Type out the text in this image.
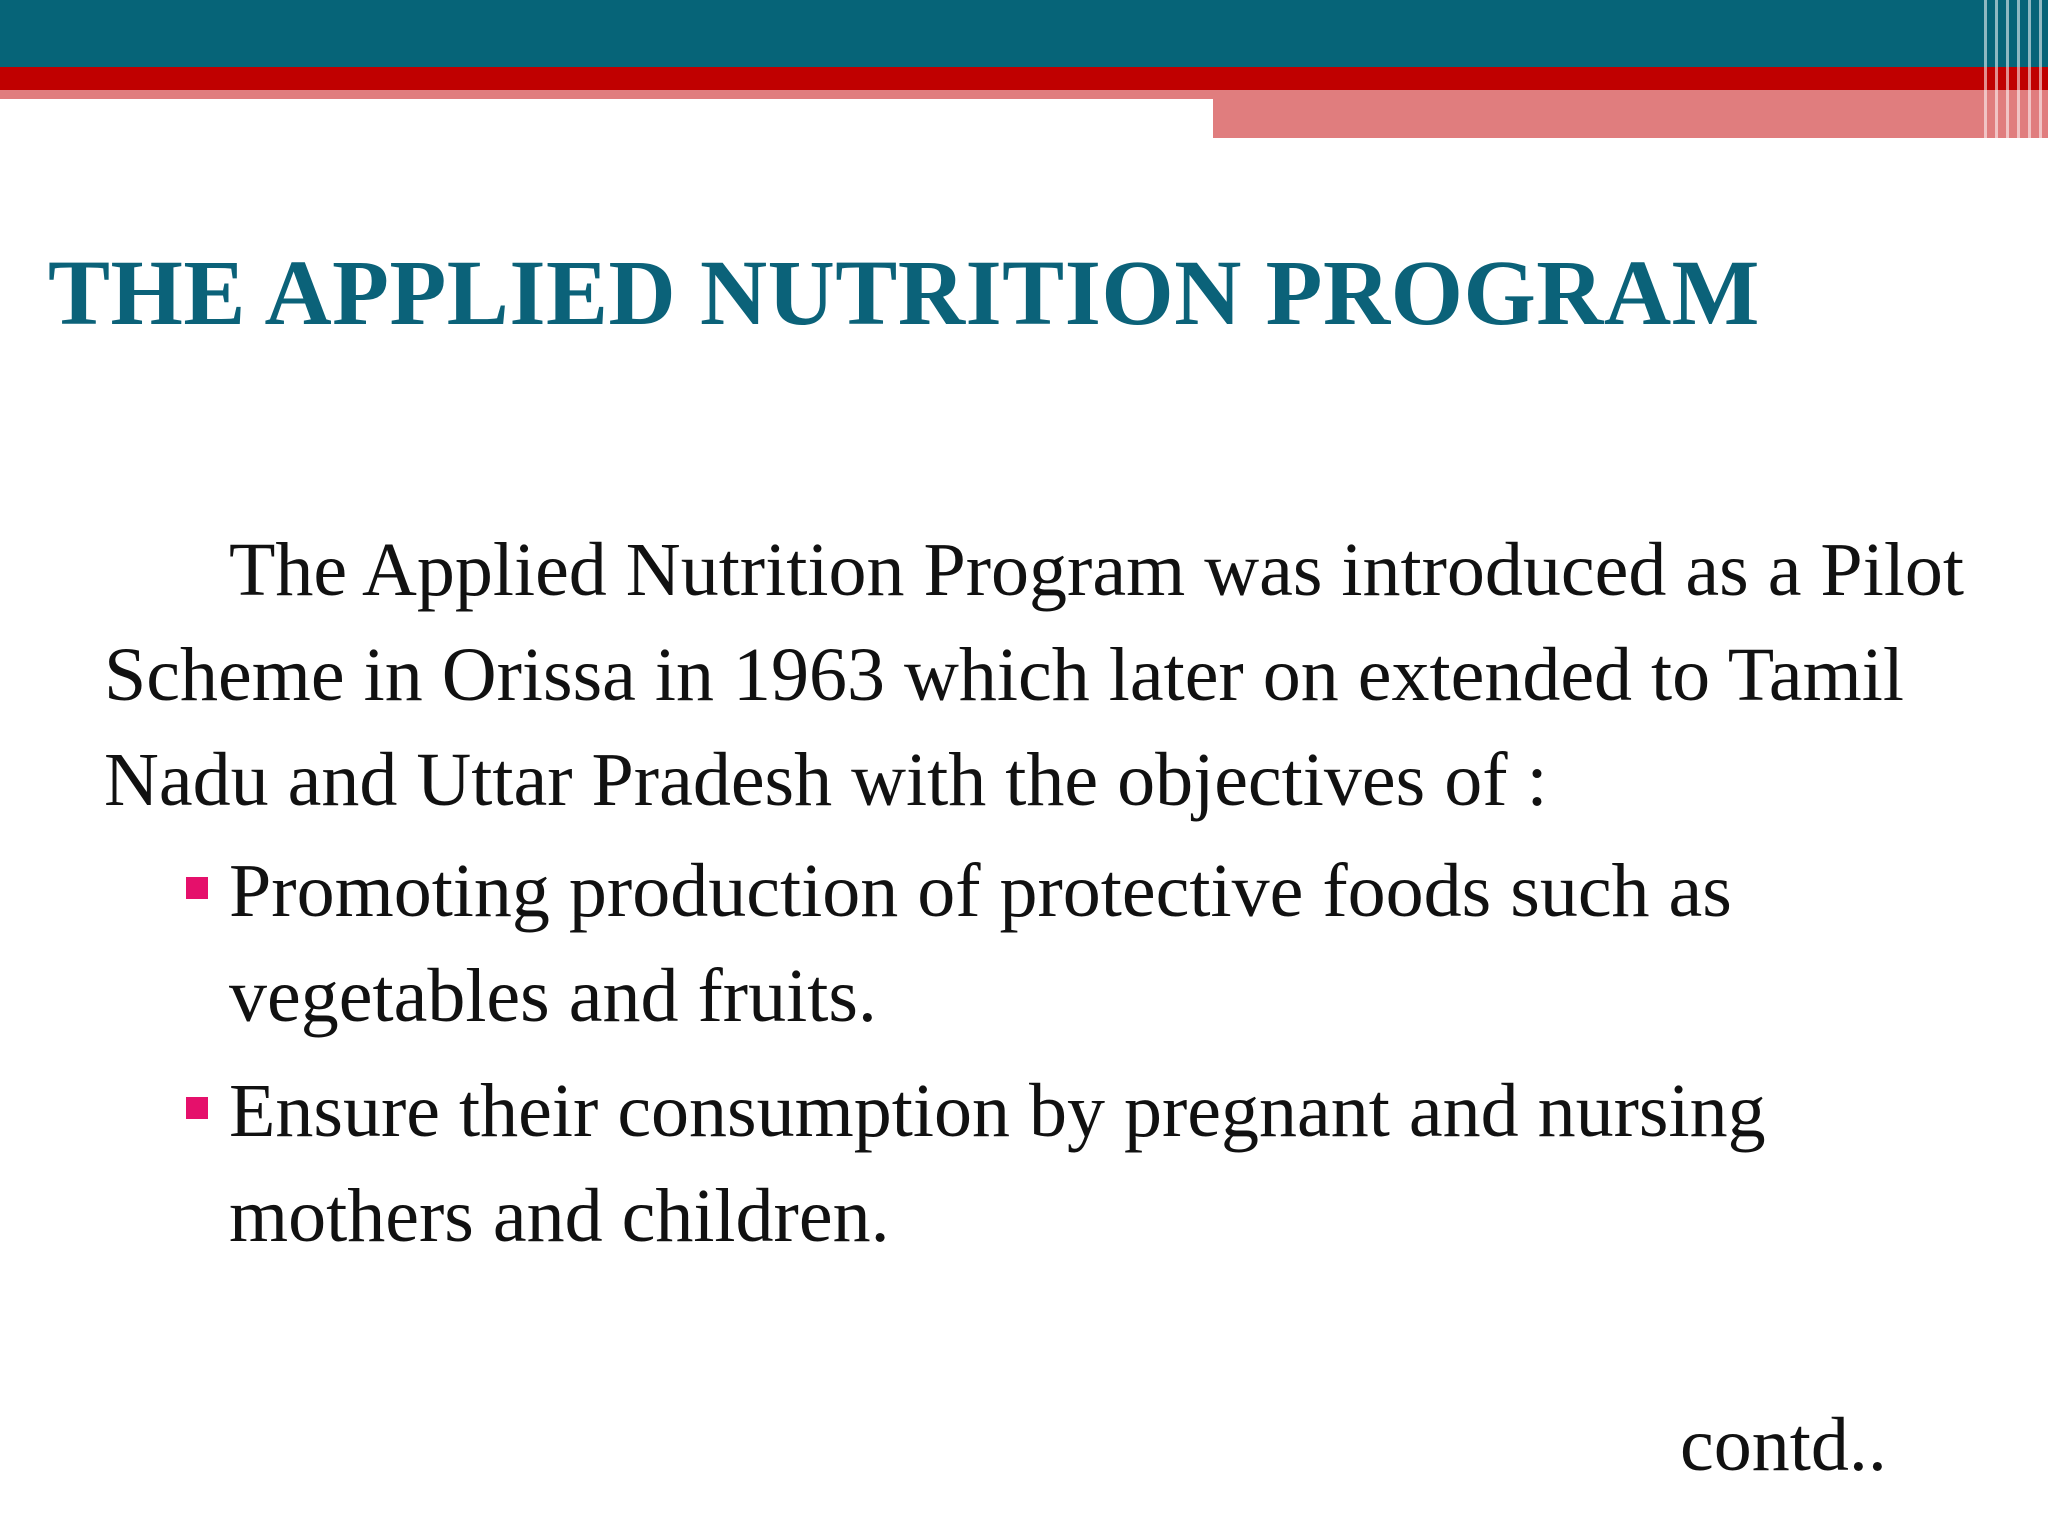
THE APPLIED NUTRITION PROGRAM

The Applied Nutrition Program was introduced as a Pilot Scheme in Orissa in 1963 which later on extended to Tamil Nadu and Uttar Pradesh with the objectives of :

Promoting production of protective foods such as vegetables and fruits.
Ensure their consumption by pregnant and nursing mothers and children.
contd..
